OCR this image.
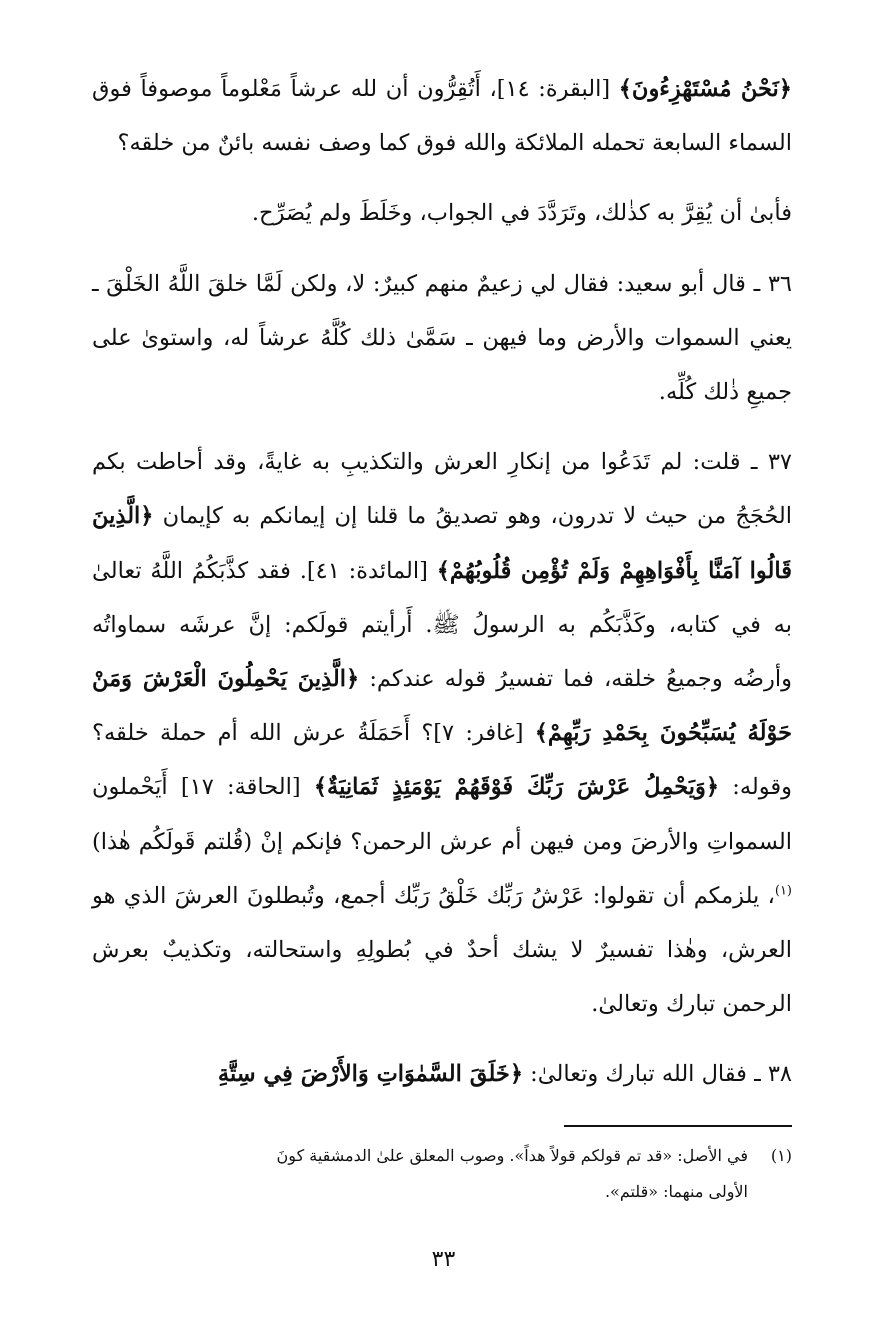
﴿نَحْنُ مُسْتَهْزِءُونَ﴾ [البقرة: ١٤]، أَتُقِرُّون أن لله عرشاً مَعْلوماً موصوفاً فوق السماء السابعة تحمله الملائكة والله فوق كما وصف نفسه بائنٌ من خلقه؟

فأبىٰ أن يُقِرَّ به كذٰلك، وتَرَدَّدَ في الجواب، وخَلَطَ ولم يُصَرِّح.

٣٦ ـ قال أبو سعيد: فقال لي زعيمٌ منهم كبيرٌ: لا، ولكن لَمَّا خلقَ اللَّهُ الخَلْقَ ـ يعني السموات والأرض وما فيهن ـ سَمَّىٰ ذلك كُلَّهُ عرشاً له، واستوىٰ على جميعِ ذٰلك كُلِّه.

٣٧ ـ قلت: لم تَدَعُوا من إنكارِ العرش والتكذيبِ به غايةً، وقد أحاطت بكم الحُجَجُ من حيث لا تدرون، وهو تصديقُ ما قلنا إن إيمانكم به كإيمان ﴿الَّذِينَ قَالُوا آمَنَّا بِأَفْوَاهِهِمْ وَلَمْ تُؤْمِن قُلُوبُهُمْ﴾ [المائدة: ٤١]. فقد كذَّبَكُمُ اللَّهُ تعالىٰ به في كتابه، وكَذَّبَكُم به الرسولُ ﷺ. أَرأيتم قولَكم: إنَّ عرشَه سماواتُه وأرضُه وجميعُ خلقه، فما تفسيرُ قوله عندكم: ﴿الَّذِينَ يَحْمِلُونَ الْعَرْشَ وَمَنْ حَوْلَهُ يُسَبِّحُونَ بِحَمْدِ رَبِّهِمْ﴾ [غافر: ٧]؟ أَحَمَلَةُ عرش الله أم حملة خلقه؟ وقوله: ﴿وَيَحْمِلُ عَرْشَ رَبِّكَ فَوْقَهُمْ يَوْمَئِذٍ ثَمَانِيَةٌ﴾ [الحاقة: ١٧] أَيَحْملون السمواتِ والأرضَ ومن فيهن أم عرش الرحمن؟ فإنكم إنْ (قُلتم قَولَكُم هٰذا)$^{(١)}$، يلزمكم أن تقولوا: عَرْشُ رَبِّك خَلْقُ رَبِّك أجمع، وتُبطلونَ العرشَ الذي هو العرش، وهٰذا تفسيرٌ لا يشك أحدٌ في بُطولِهِ واستحالته، وتكذيبٌ بعرش الرحمن تبارك وتعالىٰ.

٣٨ ـ فقال الله تبارك وتعالىٰ: ﴿خَلَقَ السَّمٰوَاتِ وَالأَرْضَ فِي سِتَّةِ

(١)في الأصل: «قد تم قولكم قولاً هداً». وصوب المعلق علىٰ الدمشقية كونَ
الأولى منهما: «قلتم».
٣٣
